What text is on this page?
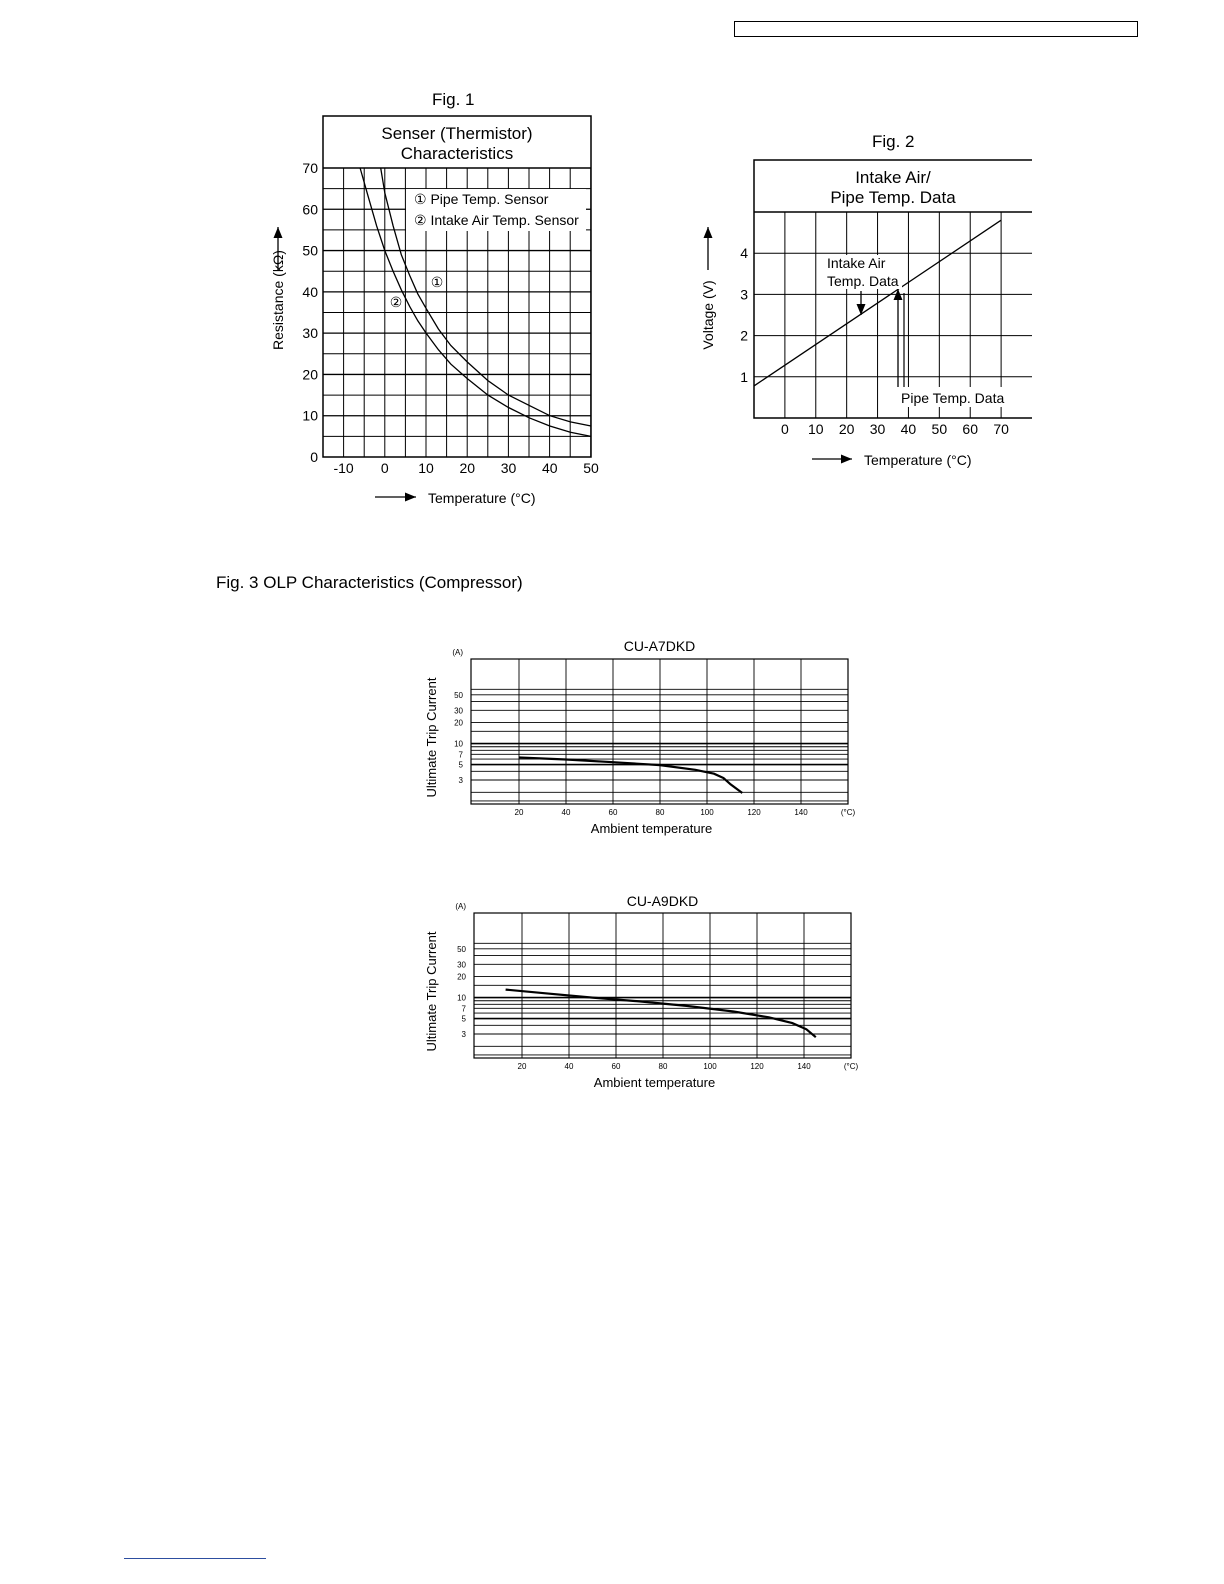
Fig. 1
Fig. 2
Fig. 3 OLP Characteristics (Compressor)
Senser (Thermistor)
Characteristics
0
10
20
30
40
50
60
70
-10 0 10 20 30 40 50
① Pipe Temp. Sensor
② Intake Air Temp. Sensor
①
②
Resistance (kΩ)
Temperature (°C)
Intake Air/
Pipe Temp. Data
1
2
3
4
0 10 20 30 40 50 60 70
Intake Air
Temp. Data
Pipe Temp. Data
Voltage (V)
Temperature (°C)
3
5
7
10
20
30
50
(A)
20	40	60	80	100	120	140	(°C)
CU-A7DKD
Ambient temperature
Ultimate Trip Current
3
5
7
10
20
30
50
(A)
20	40	60	80	100	120	140	(°C)
CU-A9DKD
Ambient temperature
Ultimate Trip Current
